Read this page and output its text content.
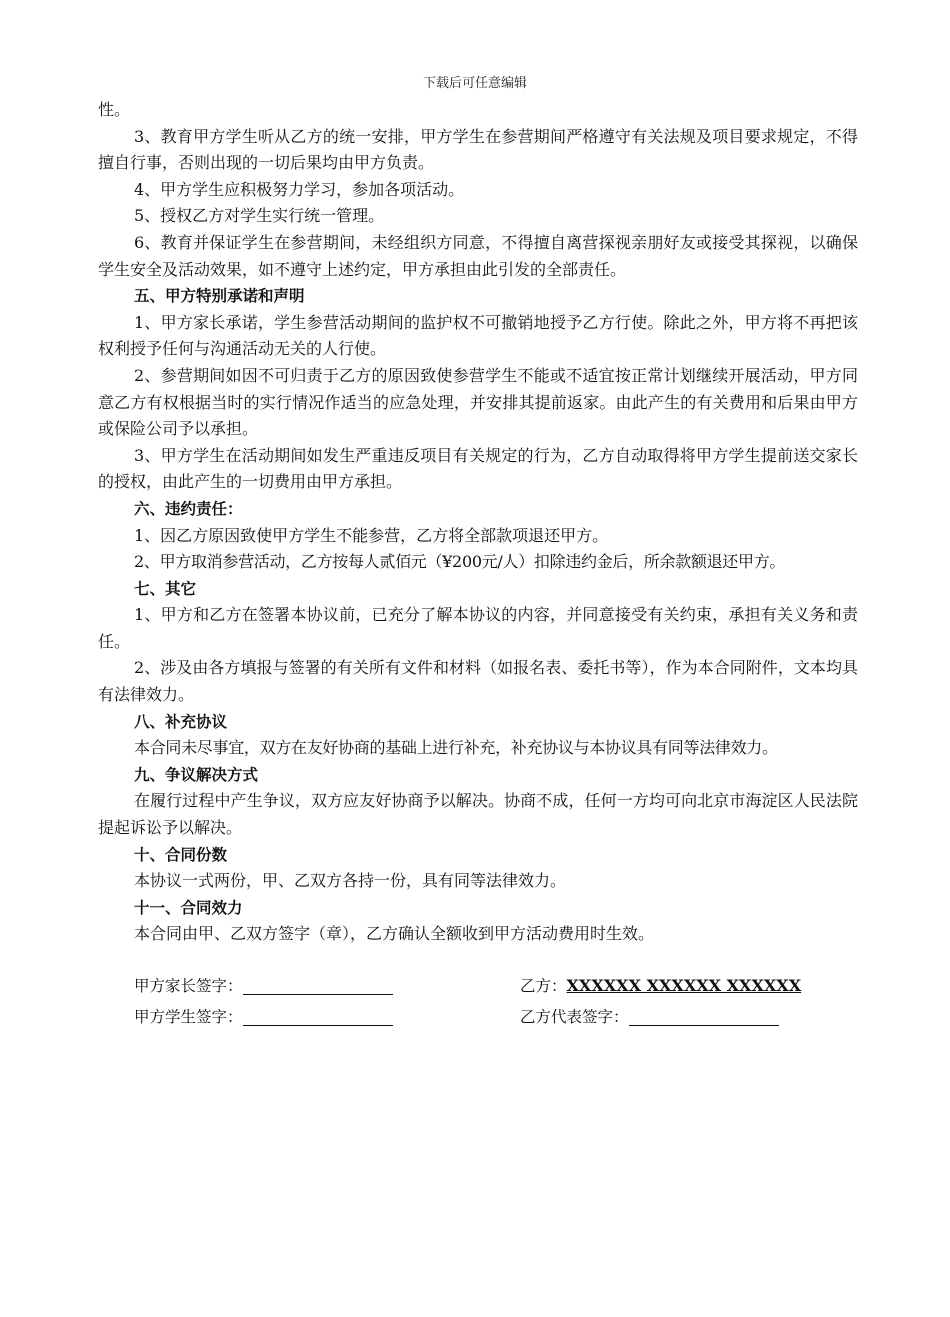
下载后可任意编辑

性。

3、教育甲方学生听从乙方的统一安排，甲方学生在参营期间严格遵守有关法规及项目要求规定，不得擅自行事，否则出现的一切后果均由甲方负责。

4、甲方学生应积极努力学习，参加各项活动。

5、授权乙方对学生实行统一管理。

6、教育并保证学生在参营期间，未经组织方同意，不得擅自离营探视亲朋好友或接受其探视，以确保学生安全及活动效果，如不遵守上述约定，甲方承担由此引发的全部责任。

五、甲方特别承诺和声明

1、甲方家长承诺，学生参营活动期间的监护权不可撤销地授予乙方行使。除此之外，甲方将不再把该权利授予任何与沟通活动无关的人行使。

2、参营期间如因不可归责于乙方的原因致使参营学生不能或不适宜按正常计划继续开展活动，甲方同意乙方有权根据当时的实行情况作适当的应急处理，并安排其提前返家。由此产生的有关费用和后果由甲方或保险公司予以承担。

3、甲方学生在活动期间如发生严重违反项目有关规定的行为，乙方自动取得将甲方学生提前送交家长的授权，由此产生的一切费用由甲方承担。

六、违约责任：

1、因乙方原因致使甲方学生不能参营，乙方将全部款项退还甲方。

2、甲方取消参营活动，乙方按每人贰佰元（¥200元/人）扣除违约金后，所余款额退还甲方。

七、其它

1、甲方和乙方在签署本协议前，已充分了解本协议的内容，并同意接受有关约束，承担有关义务和责任。

2、涉及由各方填报与签署的有关所有文件和材料（如报名表、委托书等），作为本合同附件，文本均具有法律效力。

八、补充协议

本合同未尽事宜，双方在友好协商的基础上进行补充，补充协议与本协议具有同等法律效力。

九、争议解决方式

在履行过程中产生争议，双方应友好协商予以解决。协商不成，任何一方均可向北京市海淀区人民法院提起诉讼予以解决。

十、合同份数

本协议一式两份，甲、乙双方各持一份，具有同等法律效力。

十一、合同效力

本合同由甲、乙双方签字（章），乙方确认全额收到甲方活动费用时生效。

甲方家长签字：	乙方：XXXXXX XXXXXX XXXXXX
甲方学生签字：	乙方代表签字：
